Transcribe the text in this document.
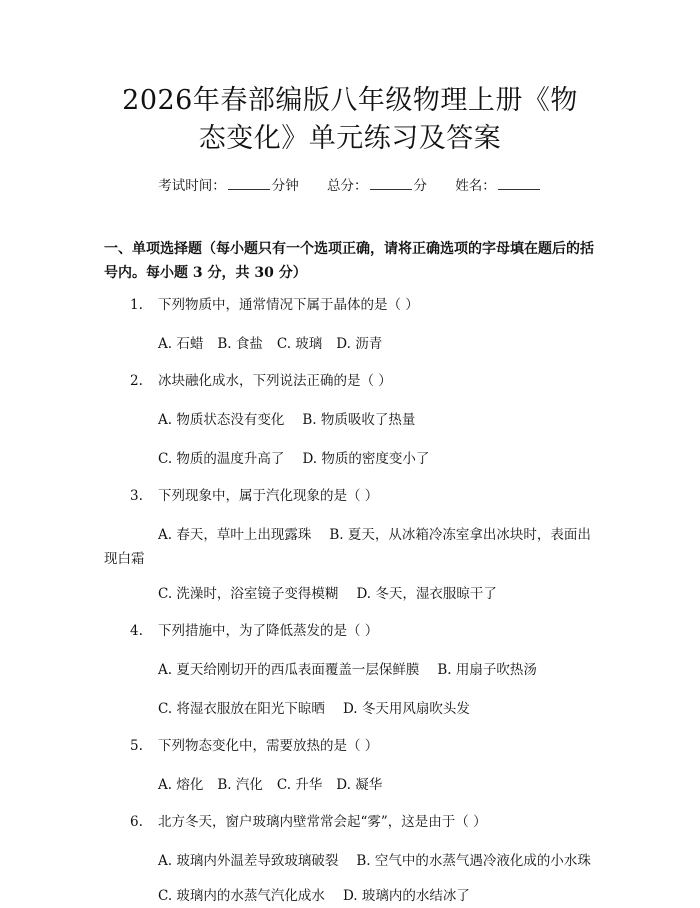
2026年春部编版八年级物理上册《物态变化》单元练习及答案
考试时间：	分钟 总分：	分 姓名：
一、单项选择题（每小题只有一个选项正确，请将正确选项的字母填在题后的括号内。每小题 3 分，共 30 分）
1. 下列物质中，通常情况下属于晶体的是（ ）
A. 石蜡 B. 食盐 C. 玻璃 D. 沥青
2. 冰块融化成水，下列说法正确的是（ ）
A. 物质状态没有变化 B. 物质吸收了热量
C. 物质的温度升高了 D. 物质的密度变小了
3. 下列现象中，属于汽化现象的是（ ）
A. 春天，草叶上出现露珠 B. 夏天，从冰箱冷冻室拿出冰块时，表面出现白霜
C. 洗澡时，浴室镜子变得模糊 D. 冬天，湿衣服晾干了
4. 下列措施中，为了降低蒸发的是（ ）
A. 夏天给刚切开的西瓜表面覆盖一层保鲜膜 B. 用扇子吹热汤
C. 将湿衣服放在阳光下晾晒 D. 冬天用风扇吹头发
5. 下列物态变化中，需要放热的是（ ）
A. 熔化 B. 汽化 C. 升华 D. 凝华
6. 北方冬天，窗户玻璃内壁常常会起“雾”，这是由于（ ）
A. 玻璃内外温差导致玻璃破裂 B. 空气中的水蒸气遇冷液化成的小水珠
C. 玻璃内的水蒸气汽化成水 D. 玻璃内的水结冰了
